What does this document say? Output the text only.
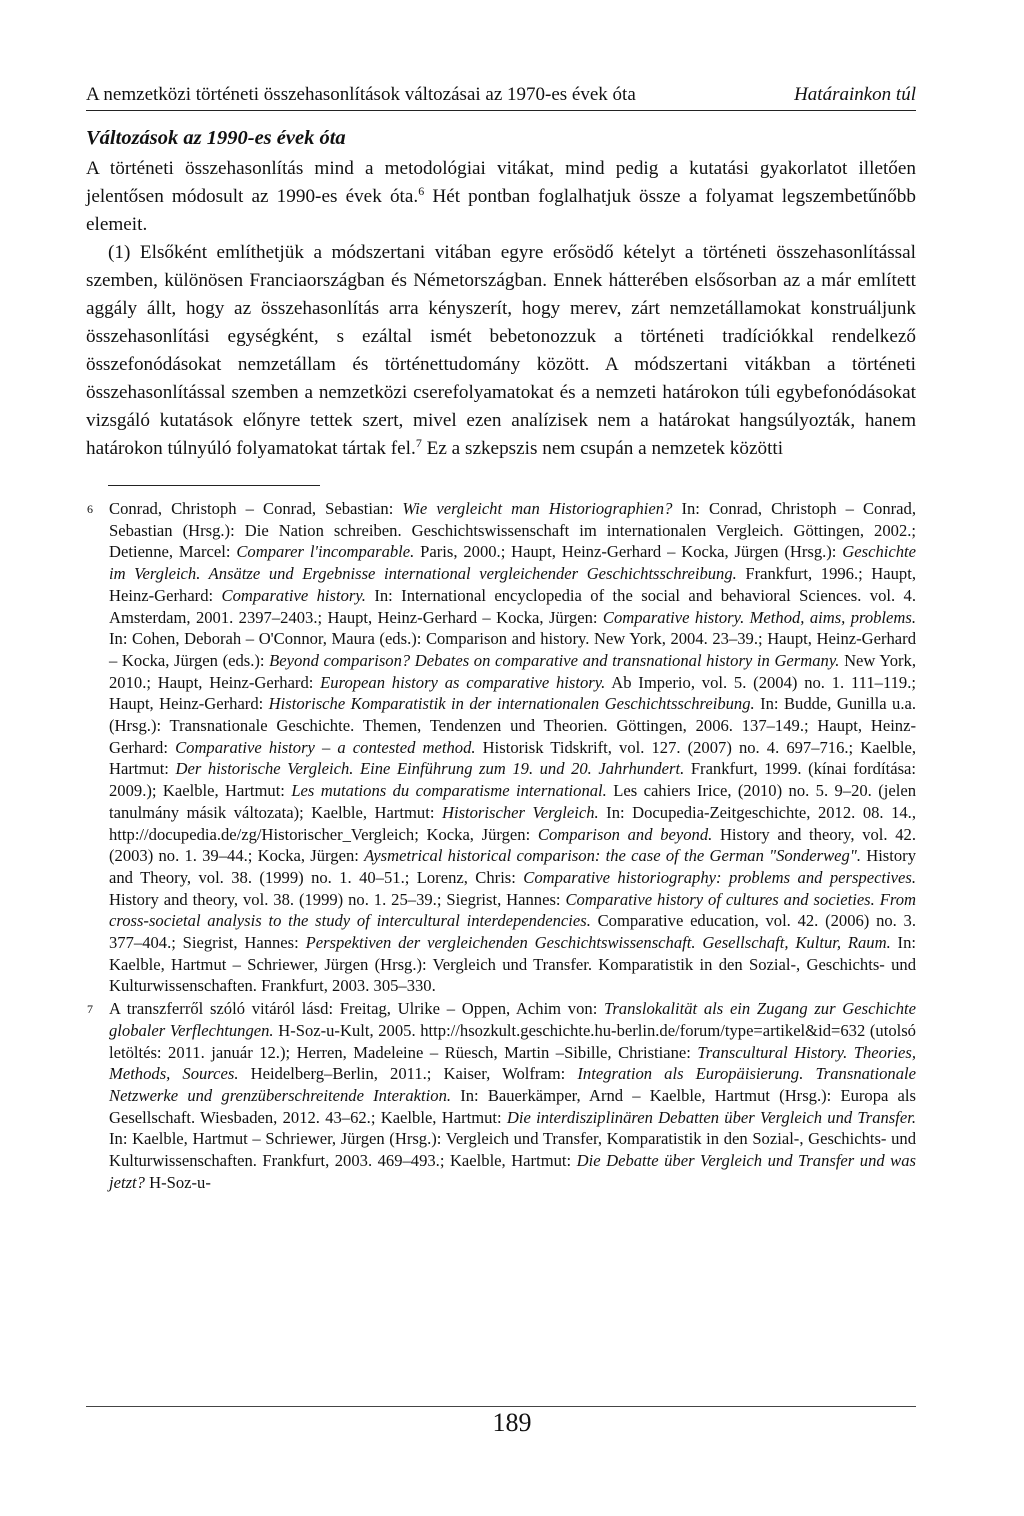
A nemzetközi történeti összehasonlítások változásai az 1970-es évek óta	Határainkon túl
Változások az 1990-es évek óta

A történeti összehasonlítás mind a metodológiai vitákat, mind pedig a kutatási gyakorlatot illetően jelentősen módosult az 1990-es évek óta.$^6$ Hét pontban foglalhatjuk össze a folyamat legszembetűnőbb elemeit.

(1) Elsőként említhetjük a módszertani vitában egyre erősödő kételyt a történeti összehasonlítással szemben, különösen Franciaországban és Németországban. Ennek hátterében elsősorban az a már említett aggály állt, hogy az összehasonlítás arra kényszerít, hogy merev, zárt nemzetállamokat konstruáljunk összehasonlítási egységként, s ezáltal ismét bebetonozzuk a történeti tradíciókkal rendelkező összefonódásokat nemzetállam és történettudomány között. A módszertani vitákban a történeti összehasonlítással szemben a nemzetközi cserefolyamatokat és a nemzeti határokon túli egybefonódásokat vizsgáló kutatások előnyre tettek szert, mivel ezen analízisek nem a határokat hangsúlyozták, hanem határokon túlnyúló folyamatokat tártak fel.$^7$ Ez a szkepszis nem csupán a nemzetek közötti

6 Conrad, Christoph – Conrad, Sebastian: Wie vergleicht man Historiographien? In: Conrad, Christoph – Conrad, Sebastian (Hrsg.): Die Nation schreiben. Geschichtswissenschaft im internationalen Vergleich. Göttingen, 2002.; Detienne, Marcel: Comparer l'incomparable. Paris, 2000.; Haupt, Heinz-Gerhard – Kocka, Jürgen (Hrsg.): Geschichte im Vergleich. Ansätze und Ergebnisse international vergleichender Geschichtsschreibung. Frankfurt, 1996.; Haupt, Heinz-Gerhard: Comparative history. In: International encyclopedia of the social and behavioral Sciences. vol. 4. Amsterdam, 2001. 2397–2403.; Haupt, Heinz-Gerhard – Kocka, Jürgen: Comparative history. Method, aims, problems. In: Cohen, Deborah – O'Connor, Maura (eds.): Comparison and history. New York, 2004. 23–39.; Haupt, Heinz-Gerhard – Kocka, Jürgen (eds.): Beyond comparison? Debates on comparative and transnational history in Germany. New York, 2010.; Haupt, Heinz-Gerhard: European history as comparative history. Ab Imperio, vol. 5. (2004) no. 1. 111–119.; Haupt, Heinz-Gerhard: Historische Komparatistik in der internationalen Geschichtsschreibung. In: Budde, Gunilla u.a. (Hrsg.): Transnationale Geschichte. Themen, Tendenzen und Theorien. Göttingen, 2006. 137–149.; Haupt, Heinz-Gerhard: Comparative history – a contested method. Historisk Tidskrift, vol. 127. (2007) no. 4. 697–716.; Kaelble, Hartmut: Der historische Vergleich. Eine Einführung zum 19. und 20. Jahrhundert. Frankfurt, 1999. (kínai fordítása: 2009.); Kaelble, Hartmut: Les mutations du comparatisme international. Les cahiers Irice, (2010) no. 5. 9–20. (jelen tanulmány másik változata); Kaelble, Hartmut: Historischer Vergleich. In: Docupedia-Zeitgeschichte, 2012. 08. 14., http://docupedia.de/zg/Historischer_Vergleich; Kocka, Jürgen: Comparison and beyond. History and theory, vol. 42. (2003) no. 1. 39–44.; Kocka, Jürgen: Aysmetrical historical comparison: the case of the German "Sonderweg". History and Theory, vol. 38. (1999) no. 1. 40–51.; Lorenz, Chris: Comparative historiography: problems and perspectives. History and theory, vol. 38. (1999) no. 1. 25–39.; Siegrist, Hannes: Comparative history of cultures and societies. From cross-societal analysis to the study of intercultural interdependencies. Comparative education, vol. 42. (2006) no. 3. 377–404.; Siegrist, Hannes: Perspektiven der vergleichenden Geschichtswissenschaft. Gesellschaft, Kultur, Raum. In: Kaelble, Hartmut – Schriewer, Jürgen (Hrsg.): Vergleich und Transfer. Komparatistik in den Sozial-, Geschichts- und Kulturwissenschaften. Frankfurt, 2003. 305–330.
7 A transzferről szóló vitáról lásd: Freitag, Ulrike – Oppen, Achim von: Translokalität als ein Zugang zur Geschichte globaler Verflechtungen. H-Soz-u-Kult, 2005. http://hsozkult.geschichte.hu-berlin.de/forum/type=artikel&id=632 (utolsó letöltés: 2011. január 12.); Herren, Madeleine – Rüesch, Martin –Sibille, Christiane: Transcultural History. Theories, Methods, Sources. Heidelberg–Berlin, 2011.; Kaiser, Wolfram: Integration als Europäisierung. Transnationale Netzwerke und grenzüberschreitende Interaktion. In: Bauerkämper, Arnd – Kaelble, Hartmut (Hrsg.): Europa als Gesellschaft. Wiesbaden, 2012. 43–62.; Kaelble, Hartmut: Die interdisziplinären Debatten über Vergleich und Transfer. In: Kaelble, Hartmut – Schriewer, Jürgen (Hrsg.): Vergleich und Transfer, Komparatistik in den Sozial-, Geschichts- und Kulturwissenschaften. Frankfurt, 2003. 469–493.; Kaelble, Hartmut: Die Debatte über Vergleich und Transfer und was jetzt? H-Soz-u-
189
